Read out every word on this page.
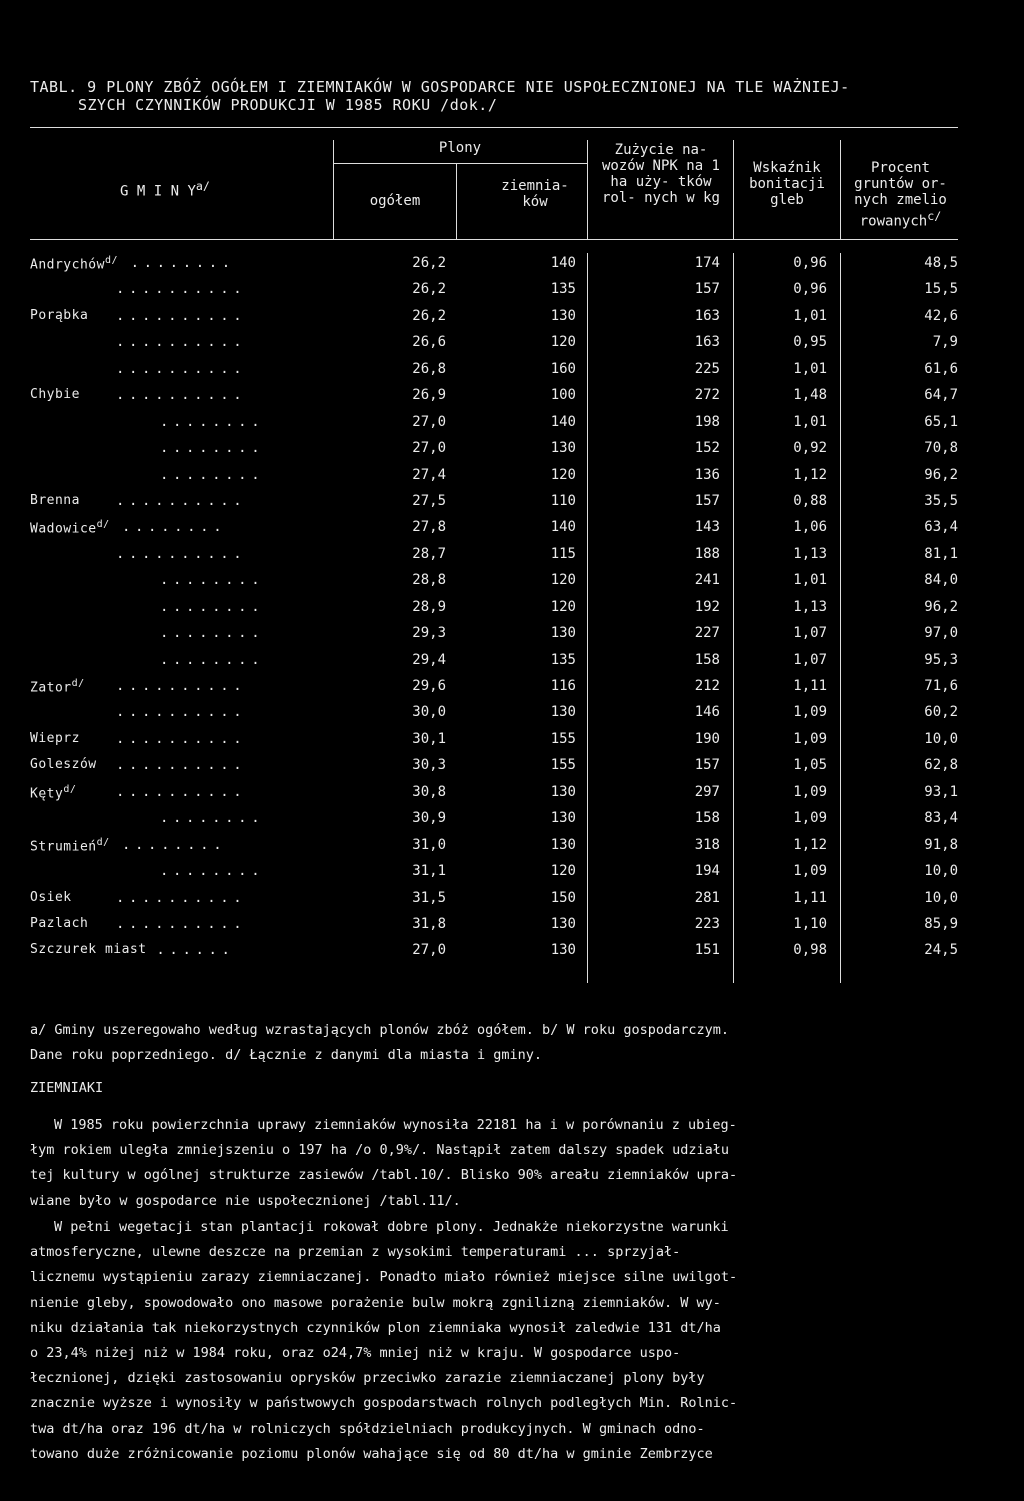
TABL. 9 PLONY ZBÓŻ OGÓŁEM I ZIEMNIAKÓW W GOSPODARCE NIE USPOŁECZNIONEJ NA TLE WAŻNIEJ-
SZYCH CZYNNIKÓW PRODUKCJI W 1985 ROKU /dok./
G M I N $Y^{a/}$
Plony
ogółem
ziemnia- ków
Zużycie na- wozów NPK na 1 ha uży- tków rol- nych w kg
Wskaźnik bonitacji gleb
Procent gruntów or- nych zmelio rowanych$^{c/}$
Andrychów$^{d/}$ ........	26,2	140	174	0,96	48,5
..........	26,2	135	157	0,96	15,5
Porąbka ..........	26,2	130	163	1,01	42,6
..........	26,6	120	163	0,95	7,9
..........	26,8	160	225	1,01	61,6
Chybie	..........	26,9	100	272	1,48	64,7
........	27,0	140	198	1,01	65,1
........	27,0	130	152	0,92	70,8
........	27,4	120	136	1,12	96,2
Brenna	..........	27,5	110	157	0,88	35,5
Wadowice$^{d/}$ ........	27,8	140	143	1,06	63,4
..........	28,7	115	188	1,13	81,1
........	28,8	120	241	1,01	84,0
........	28,9	120	192	1,13	96,2
........	29,3	130	227	1,07	97,0
........	29,4	135	158	1,07	95,3
Zator$^{d/}$ ..........	29,6	116	212	1,11	71,6
..........	30,0	130	146	1,09	60,2
Wieprz	..........	30,1	155	190	1,09	10,0
Goleszów ..........	30,3	155	157	1,05	62,8
Kęty$^{d/}$	..........	30,8	130	297	1,09	93,1
........	30,9	130	158	1,09	83,4
Strumień$^{d/}$ ........	31,0	130	318	1,12	91,8
........	31,1	120	194	1,09	10,0
Osiek	..........	31,5	150	281	1,11	10,0
Pazlach ..........	31,8	130	223	1,10	85,9
Szczurek miast ......	27,0	130	151	0,98	24,5
a/ Gminy uszeregowaho według wzrastających plonów zbóż ogółem. b/ W roku gospodarczym.
Dane roku poprzedniego. d/ Łącznie z danymi dla miasta i gminy.
ZIEMNIAKI
W 1985 roku powierzchnia uprawy ziemniaków wynosiła 22181 ha i w porównaniu z ubieg-
łym rokiem uległa zmniejszeniu o 197 ha /o 0,9%/. Nastąpił zatem dalszy spadek udziału
tej kultury w ogólnej strukturze zasiewów /tabl.10/. Blisko 90% areału ziemniaków upra-
wiane było w gospodarce nie uspołecznionej /tabl.11/.
W pełni wegetacji stan plantacji rokował dobre plony. Jednakże niekorzystne warunki
atmosferyczne, ulewne deszcze na przemian z wysokimi temperaturami ... sprzyjał-
licznemu wystąpieniu zarazy ziemniaczanej. Ponadto miało również miejsce silne uwilgot-
nienie gleby, spowodowało ono masowe porażenie bulw mokrą zgnilizną ziemniaków. W wy-
niku działania tak niekorzystnych czynników plon ziemniaka wynosił zaledwie 131 dt/ha
o 23,4% niżej niż w 1984 roku, oraz o24,7% mniej niż w kraju. W gospodarce uspo-
łecznionej, dzięki zastosowaniu oprysków przeciwko zarazie ziemniaczanej plony były
znacznie wyższe i wynosiły w państwowych gospodarstwach rolnych podległych Min. Rolnic-
twa dt/ha oraz 196 dt/ha w rolniczych spółdzielniach produkcyjnych. W gminach odno-
towano duże zróżnicowanie poziomu plonów wahające się od 80 dt/ha w gminie Zembrzyce
